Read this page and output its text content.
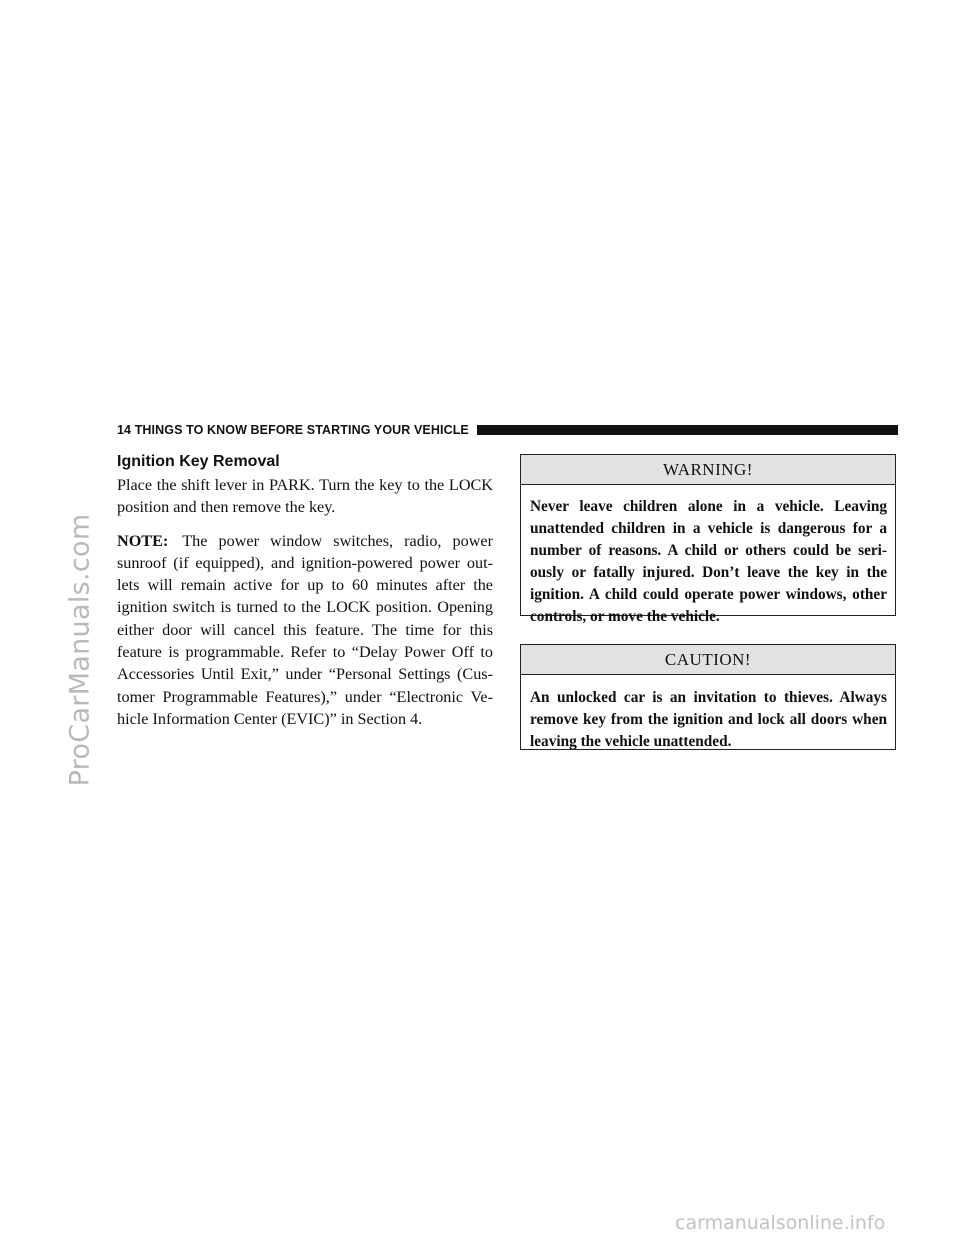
ProCarManuals.com
14 THINGS TO KNOW BEFORE STARTING YOUR VEHICLE
Ignition Key Removal

Place the shift lever in PARK. Turn the key to the LOCK position and then remove the key.

NOTE: The power window switches, radio, power sunroof (if equipped), and ignition-powered power out-lets will remain active for up to 60 minutes after the ignition switch is turned to the LOCK position. Opening either door will cancel this feature. The time for this feature is programmable. Refer to “Delay Power Off to Accessories Until Exit,” under “Personal Settings (Cus-tomer Programmable Features),” under “Electronic Ve-hicle Information Center (EVIC)” in Section 4.

WARNING!

Never leave children alone in a vehicle. Leaving unattended children in a vehicle is dangerous for a number of reasons. A child or others could be seri-ously or fatally injured. Don’t leave the key in the ignition. A child could operate power windows, other controls, or move the vehicle.

CAUTION!

An unlocked car is an invitation to thieves. Always remove key from the ignition and lock all doors when leaving the vehicle unattended.

carmanualsonline.info
